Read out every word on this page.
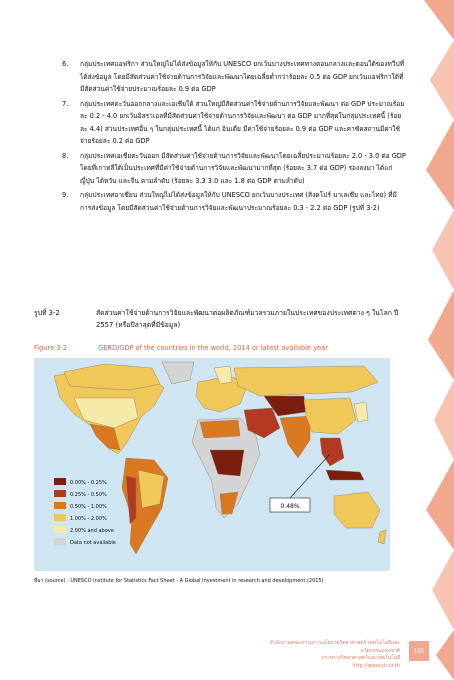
6. กลุ่มประเทศแอฟริกา ส่วนใหญ่ไม่ได้ส่งข้อมูลให้กับ UNESCO ยกเว้นบางประเทศทางตอนกลางและตอนใต้ของทวีปที่ได้ส่งข้อมูล โดยมีสัดส่วนค่าใช้จ่ายด้านการวิจัยและพัฒนาโดยเฉลี่ยต่ำกว่าร้อยละ 0.5 ต่อ GDP ยกเว้นแอฟริกาใต้ที่มีสัดส่วนค่าใช้จ่ายประมาณร้อยละ 0.9 ต่อ GDP
7. กลุ่มประเทศตะวันออกกลางและเอเชียใต้ ส่วนใหญ่มีสัดส่วนค่าใช้จ่ายด้านการวิจัยและพัฒนา ต่อ GDP ประมาณร้อยละ 0.2 - 4.0 ยกเว้นอิสราเอลที่มีสัดส่วนค่าใช้จ่ายด้านการวิจัยและพัฒนา ต่อ GDP มากที่สุดในกลุ่มประเทศนี้ (ร้อยละ 4.4) ส่วนประเทศอื่น ๆ ในกลุ่มประเทศนี้ ได้แก่ อินเดีย มีค่าใช้จ่ายร้อยละ 0.9 ต่อ GDP และคาซัคสถานมีค่าใช้จ่ายร้อยละ 0.2 ต่อ GDP
8. กลุ่มประเทศเอเชียตะวันออก มีสัดส่วนค่าใช้จ่ายด้านการวิจัยและพัฒนาโดยเฉลี่ยประมาณร้อยละ 2.0 - 3.0 ต่อ GDP โดยที่เกาหลีใต้เป็นประเทศที่มีค่าใช้จ่ายด้านการวิจัยและพัฒนามากที่สุด (ร้อยละ 3.7 ต่อ GDP) รองลงมา ได้แก่ ญี่ปุ่น ไต้หวัน และจีน ตามลำดับ (ร้อยละ 3.3 3.0 และ 1.8 ต่อ GDP ตามลำดับ)
9. กลุ่มประเทศอาเซียน ส่วนใหญ่ไม่ได้ส่งข้อมูลให้กับ UNESCO ยกเว้นบางประเทศ (สิงคโปร์ มาเลเซีย และไทย) ที่มีการส่งข้อมูล โดยมีสัดส่วนค่าใช้จ่ายด้านการวิจัยและพัฒนาประมาณร้อยละ 0.3 - 2.2 ต่อ GDP (รูปที่ 3-2)
รูปที่ 3-2	สัดส่วนค่าใช้จ่ายด้านการวิจัยและพัฒนาต่อผลิตภัณฑ์มวลรวมภายในประเทศของประเทศต่าง ๆ ในโลก ปี 2557 (หรือปีล่าสุดที่มีข้อมูล)
Figure 3-2	GERD/GDP of the countries in the world, 2014 or latest available year
0.48%
0.00% - 0.25%
0.25% - 0.50%
0.50% - 1.00%
1.00% - 2.00%
2.00% and above
Data not available
ที่มา (source) : UNESCO Institute for Statistics Fact Sheet - A Global Investment in research and development (2015)
สำนักงานคณะกรรมการนโยบายวิทยาศาสตร์ เทคโนโลยีและนวัตกรรมแห่งชาติ
กระทรวงวิทยาศาสตร์และเทคโนโลยี
http://www.sti.or.th
105
